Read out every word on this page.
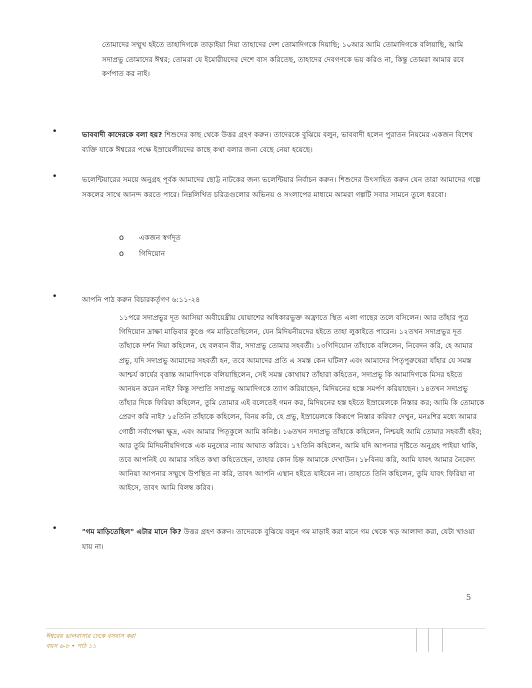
তোমাদের সম্মুখ হইতে তাহাদিগকে তাড়াইয়া দিয়া তাহাদের দেশ তোমাদিগকে দিয়াছি; ১০আর আমি তোমাদিগকে বলিয়াছি, আমি সদাপ্রভু তোমাদের ঈশ্বর; তোমরা যে ইমোরীয়দের দেশে বাস করিতেছ, তাহাদের দেবগণকে ভয় করিও না, কিন্তু তোমরা আমার রবে কর্ণপাত কর নাই।

•	ভাববাদী কাদেরকে বলা হয়? শিশুদের কাছ থেকে উত্তর গ্রহণ করুন। তাদেরকে বুঝিয়ে বলুন, ভাববাদী হলেন পুরাতন নিয়মের একজন বিশেষ ব্যক্তি যাকে ঈশ্বরের পক্ষে ইস্রায়েলীয়দের কাছে কথা বলার জন্য বেছে নেয়া হয়েছে।

•	ভলেন্টিয়ারের সময়ে অনুগ্রহ পূর্বক আমাদের ছোট্ট নাটকের জন্য ভলেন্টিয়ার নির্বাচন করুন। শিশুদের উৎসাহিত করুন যেন তারা আমাদের গল্পে সকলের সাথে আনন্দ করতে পারে। নিম্নলিখিত চরিত্রগুলোর অভিনয় ও সংলাপের মাধ্যমে আমরা গল্পটি সবার সামনে তুলে ধরবো।

o একজন স্বর্গদূত
o গিদিয়োন
•	আপনি পাঠ করুন বিচারকর্তৃগণ ৬:১১-২৪

১১পরে সদাপ্রভুর দূত আসিয়া অবীয়েষ্রীয় যোয়াশের অধিকারভুক্ত অফ্রাতে স্থিত এলা গাছের তলে বসিলেন। আর তাঁহার পুত্র গিদিয়োন দ্রাক্ষা মাড়িবার কুণ্ডে গম মাড়িতেছিলেন, যেন মিদিয়নীয়দের হইতে তাহা লুকাইতে পারেন। ১২তখন সদাপ্রভুর দূত তাঁহাকে দর্শন দিয়া কহিলেন, হে বলবান বীর, সদাপ্রভু তোমার সহবর্তী। ১৩গিদিয়োন তাঁহাকে বলিলেন, নিবেদন করি, হে আমার প্রভু, যদি সদাপ্রভু আমাদের সহবর্তী হন, তবে আমাদের প্রতি এ সমস্ত কেন ঘটিল? এবং আমাদের পিতৃপুরুষেরা যাঁহার যে সমস্ত আশ্চর্য কার্যের বৃত্তান্ত আমাদিগকে বলিয়াছিলেন, সেই সমস্ত কোথায়? তাঁহারা কহিতেন, সদাপ্রভু কি আমাদিগকে মিসর হইতে আনয়ন করেন নাই? কিন্তু সম্প্রতি সদাপ্রভু আমাদিগকে ত্যাগ করিয়াছেন, মিদিয়নের হস্তে সমর্পণ করিয়াছেন। ১৪তখন সদাপ্রভু তাঁহার দিকে ফিরিয়া কহিলেন, তুমি তোমার এই বলেতেই গমন কর, মিদিয়নের হস্ত হইতে ইস্রায়েলকে নিস্তার কর; আমি কি তোমাকে প্রেরণ করি নাই? ১৫তিনি তাঁহাকে কহিলেন, বিনয় করি, হে প্রভু, ইস্রায়েলকে কিরূপে নিস্তার করিব? দেখুন, মনঃশির মধ্যে আমার গোষ্ঠী সর্বাপেক্ষা ক্ষুদ্র, এবং আমার পিতৃকুলে আমি কনিষ্ঠ। ১৬তখন সদাপ্রভু তাঁহাকে কহিলেন, নিশ্চয়ই আমি তোমার সহবর্তী হইব; আর তুমি মিদিয়নীয়দিগকে এক মনুষ্যের ন্যায় আঘাত করিবে। ১৭তিনি কহিলেন, আমি যদি আপনার দৃষ্টিতে অনুগ্রহ পাইয়া থাকি, তবে আপনিই যে আমার সহিত কথা কহিতেছেন, তাহার কোন চিহ্ন আমাকে দেখাউন। ১৮বিনয় করি, আমি যাবৎ আমার নৈবেদ্য আনিয়া আপনার সম্মুখে উপস্থিত না করি, তাবৎ আপনি এস্থান হইতে যাইবেন না। তাহাতে তিনি কহিলেন, তুমি যাবৎ ফিরিয়া না আইসে, তাবৎ আমি বিলম্ব করিব।

•	"গম মাড়িতেছিল" এটার মানে কি? উত্তর গ্রহণ করুন। তাদেরকে বুঝিয়ে বলুন গম মাড়াই করা মানে গম থেকে খড় আলাদা করা, যেটা খাওয়া যায় না।

5
ঈশ্বরের ভালবাসার ঢেকে বসবাস করা
বয়স ৬-৮ • পাঠ ১১
